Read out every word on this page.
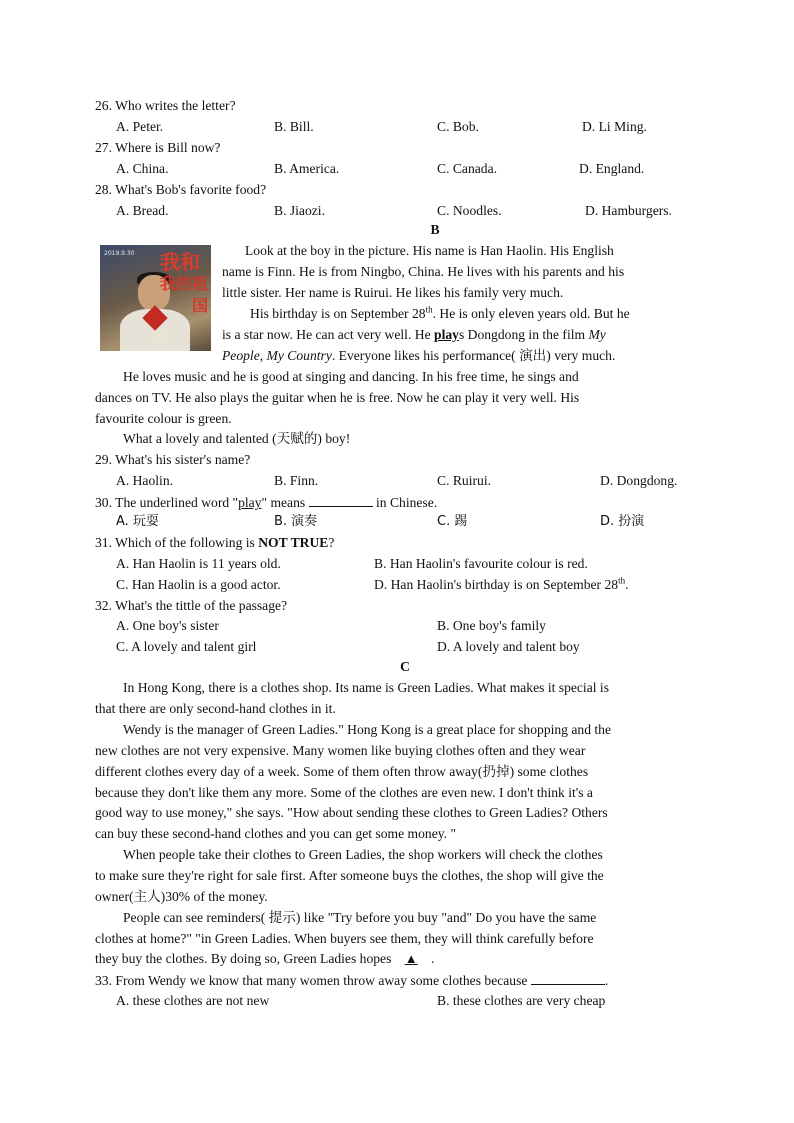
26. Who writes the letter?
A. Peter.	B. Bill.	C. Bob.	D. Li Ming.
27. Where is Bill now?
A. China.	B. America.	C. Canada.	D. England.
28. What's Bob's favorite food?
A. Bread.	B. Jiaozi.	C. Noodles.	D. Hamburgers.
B
2019.9.30	我和
我的祖国
夺冠
Look at the boy in the picture. His name is Han Haolin. His English
name is Finn. He is from Ningbo, China. He lives with his parents and his
little sister. Her name is Ruirui. He likes his family very much.
His birthday is on September 28th. He is only eleven years old. But he
is a star now. He can act very well. He plays Dongdong in the film My
People, My Country. Everyone likes his performance( 演出) very much.
He loves music and he is good at singing and dancing. In his free time, he sings and
dances on TV. He also plays the guitar when he is free. Now he can play it very well. His
favourite colour is green.
What a lovely and talented (天赋的) boy!
29. What's his sister's name?
A. Haolin.	B. Finn.	C. Ruirui.	D. Dongdong.
30. The underlined word "play" means	in Chinese.
A. 玩耍	B. 演奏	C. 踢	D. 扮演
31. Which of the following is NOT TRUE?
A. Han Haolin is 11 years old.	B. Han Haolin's favourite colour is red.
C. Han Haolin is a good actor.	D. Han Haolin's birthday is on September 28th.
32. What's the tittle of the passage?
A. One boy's sister	B. One boy's family
C. A lovely and talent girl	D. A lovely and talent boy
C
In Hong Kong, there is a clothes shop. Its name is Green Ladies. What makes it special is
that there are only second-hand clothes in it.
Wendy is the manager of Green Ladies." Hong Kong is a great place for shopping and the
new clothes are not very expensive. Many women like buying clothes often and they wear
different clothes every day of a week. Some of them often throw away(扔掉) some clothes
because they don't like them any more. Some of the clothes are even new. I don't think it's a
good way to use money," she says. "How about sending these clothes to Green Ladies? Others
can buy these second-hand clothes and you can get some money. "
When people take their clothes to Green Ladies, the shop workers will check the clothes
to make sure they're right for sale first. After someone buys the clothes, the shop will give the
owner(主人)30% of the money.
People can see reminders( 提示) like "Try before you buy "and" Do you have the same
clothes at home?" "in Green Ladies. When buyers see them, they will think carefully before
they buy the clothes. By doing so, Green Ladies hopes ▲ .
33. From Wendy we know that many women throw away some clothes because	.
A. these clothes are not new	B. these clothes are very cheap
